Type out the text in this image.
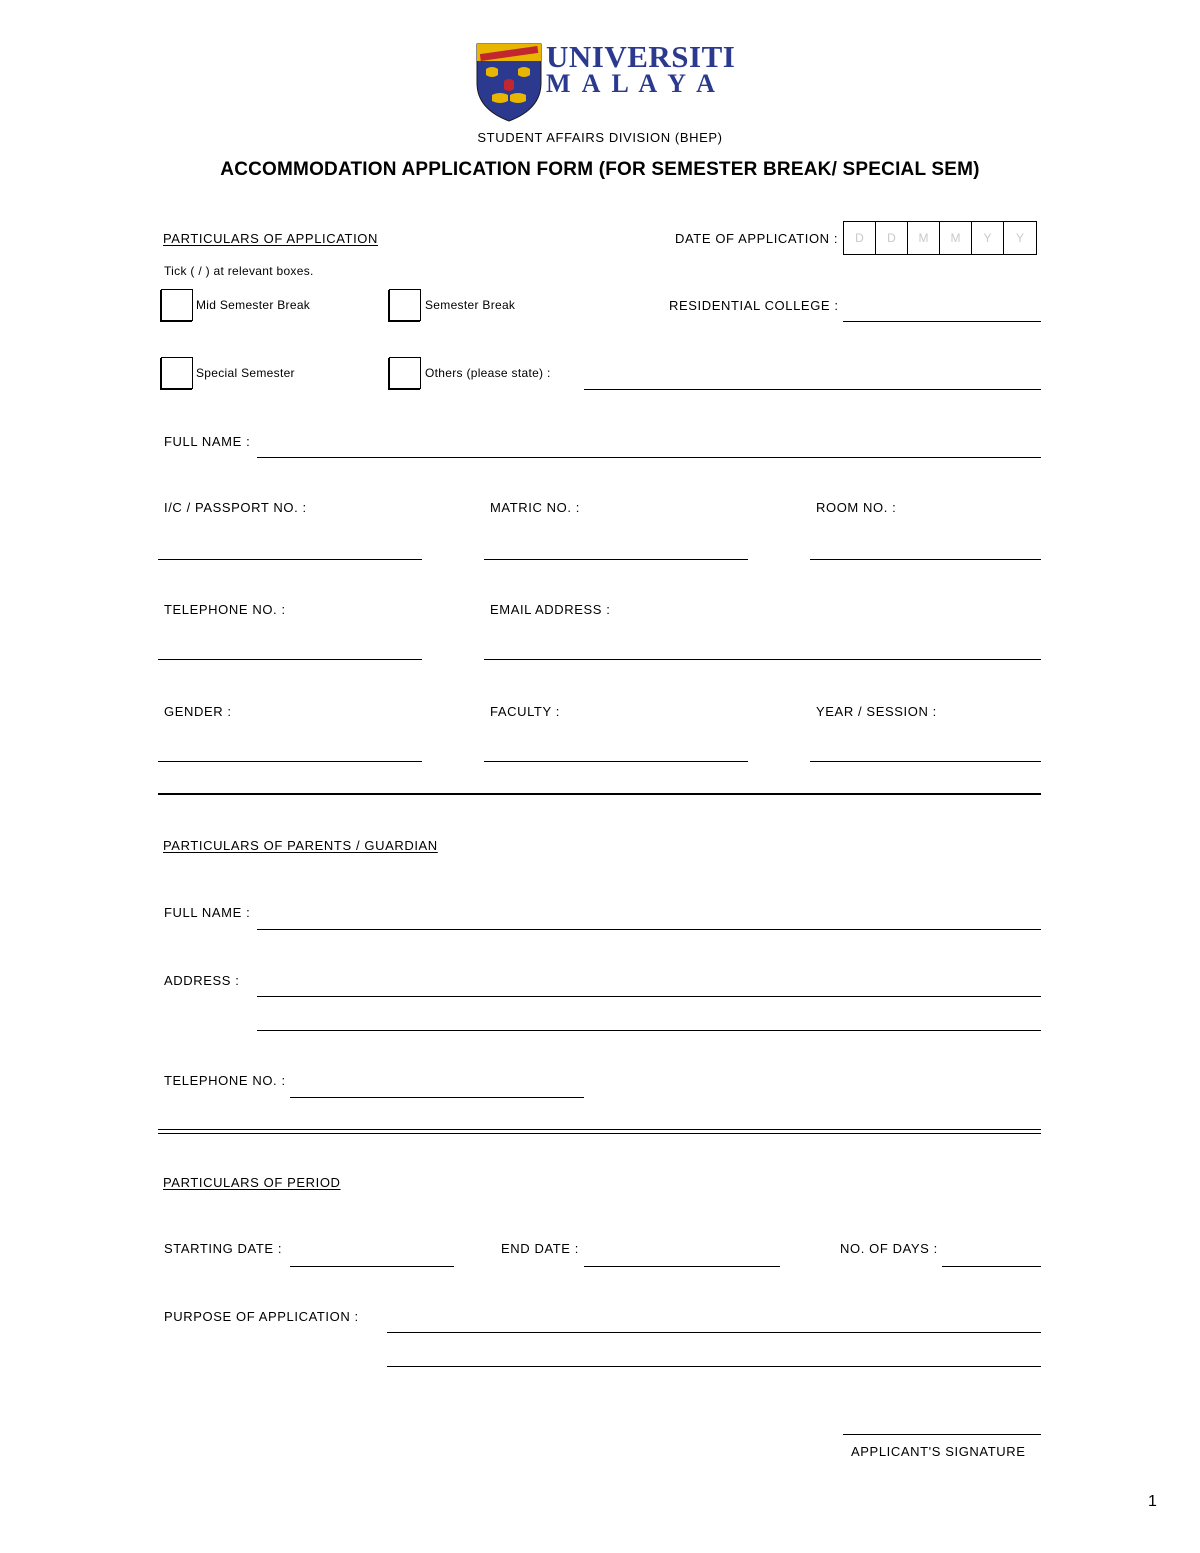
UNIVERSITI
M A L A Y A
STUDENT AFFAIRS DIVISION (BHEP)
ACCOMMODATION APPLICATION FORM (FOR SEMESTER BREAK/ SPECIAL SEM)
PARTICULARS OF APPLICATION	DATE OF APPLICATION :	D	D	M	M	Y	Y
Tick ( / ) at relevant boxes.
Mid Semester Break	Semester Break	RESIDENTIAL COLLEGE :
Special Semester	Others (please state) :
FULL NAME :
I/C / PASSPORT NO. :	MATRIC NO. :	ROOM NO. :
TELEPHONE NO. :	EMAIL ADDRESS :
GENDER :	FACULTY :	YEAR / SESSION :
PARTICULARS OF PARENTS / GUARDIAN
FULL NAME :
ADDRESS :
TELEPHONE NO. :
PARTICULARS OF PERIOD
STARTING DATE :	END DATE :	NO. OF DAYS :
PURPOSE OF APPLICATION :
APPLICANT'S SIGNATURE
1
